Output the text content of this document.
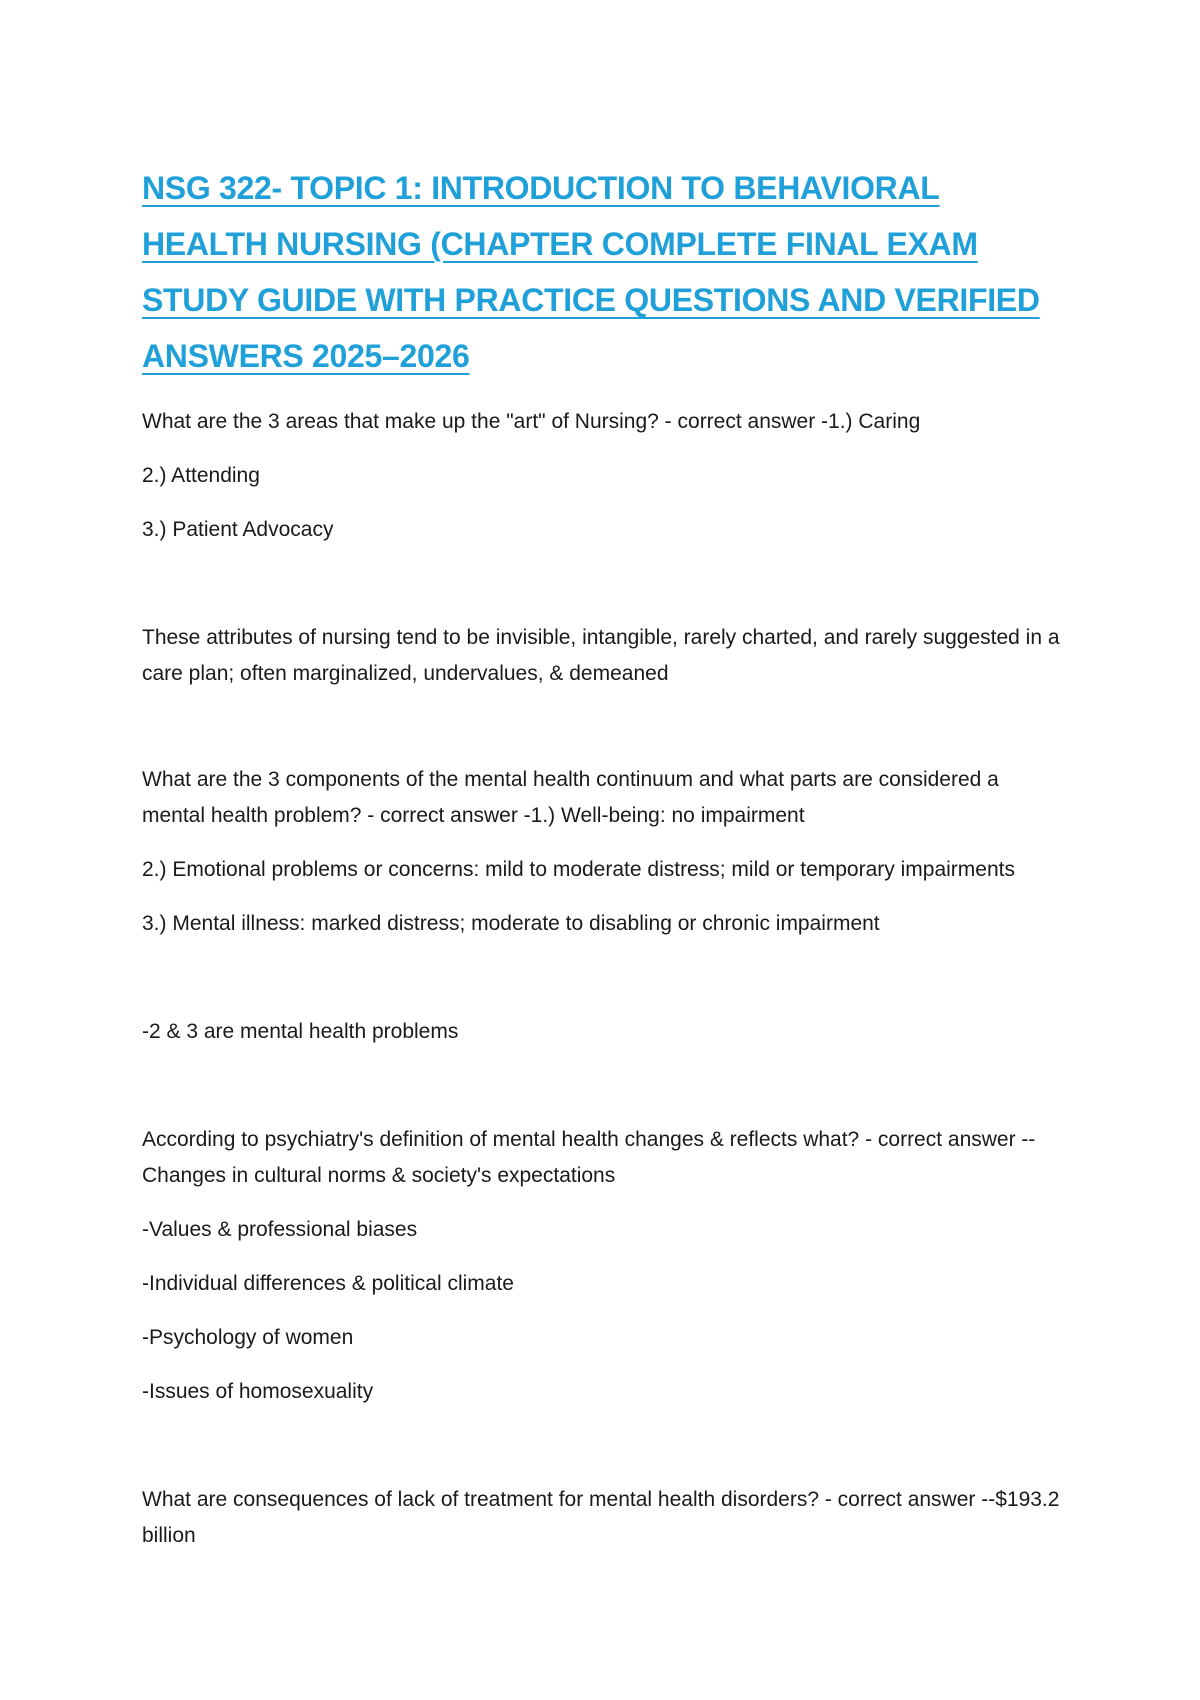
NSG 322- TOPIC 1: INTRODUCTION TO BEHAVIORAL HEALTH NURSING (CHAPTER COMPLETE FINAL EXAM STUDY GUIDE WITH PRACTICE QUESTIONS AND VERIFIED ANSWERS 2025–2026

What are the 3 areas that make up the "art" of Nursing? - correct answer -1.) Caring

2.) Attending

3.) Patient Advocacy

These attributes of nursing tend to be invisible, intangible, rarely charted, and rarely suggested in a care plan; often marginalized, undervalues, & demeaned

What are the 3 components of the mental health continuum and what parts are considered a mental health problem? - correct answer -1.) Well-being: no impairment

2.) Emotional problems or concerns: mild to moderate distress; mild or temporary impairments

3.) Mental illness: marked distress; moderate to disabling or chronic impairment

-2 & 3 are mental health problems

According to psychiatry's definition of mental health changes & reflects what? - correct answer --Changes in cultural norms & society's expectations

-Values & professional biases

-Individual differences & political climate

-Psychology of women

-Issues of homosexuality

What are consequences of lack of treatment for mental health disorders? - correct answer --$193.2 billion
